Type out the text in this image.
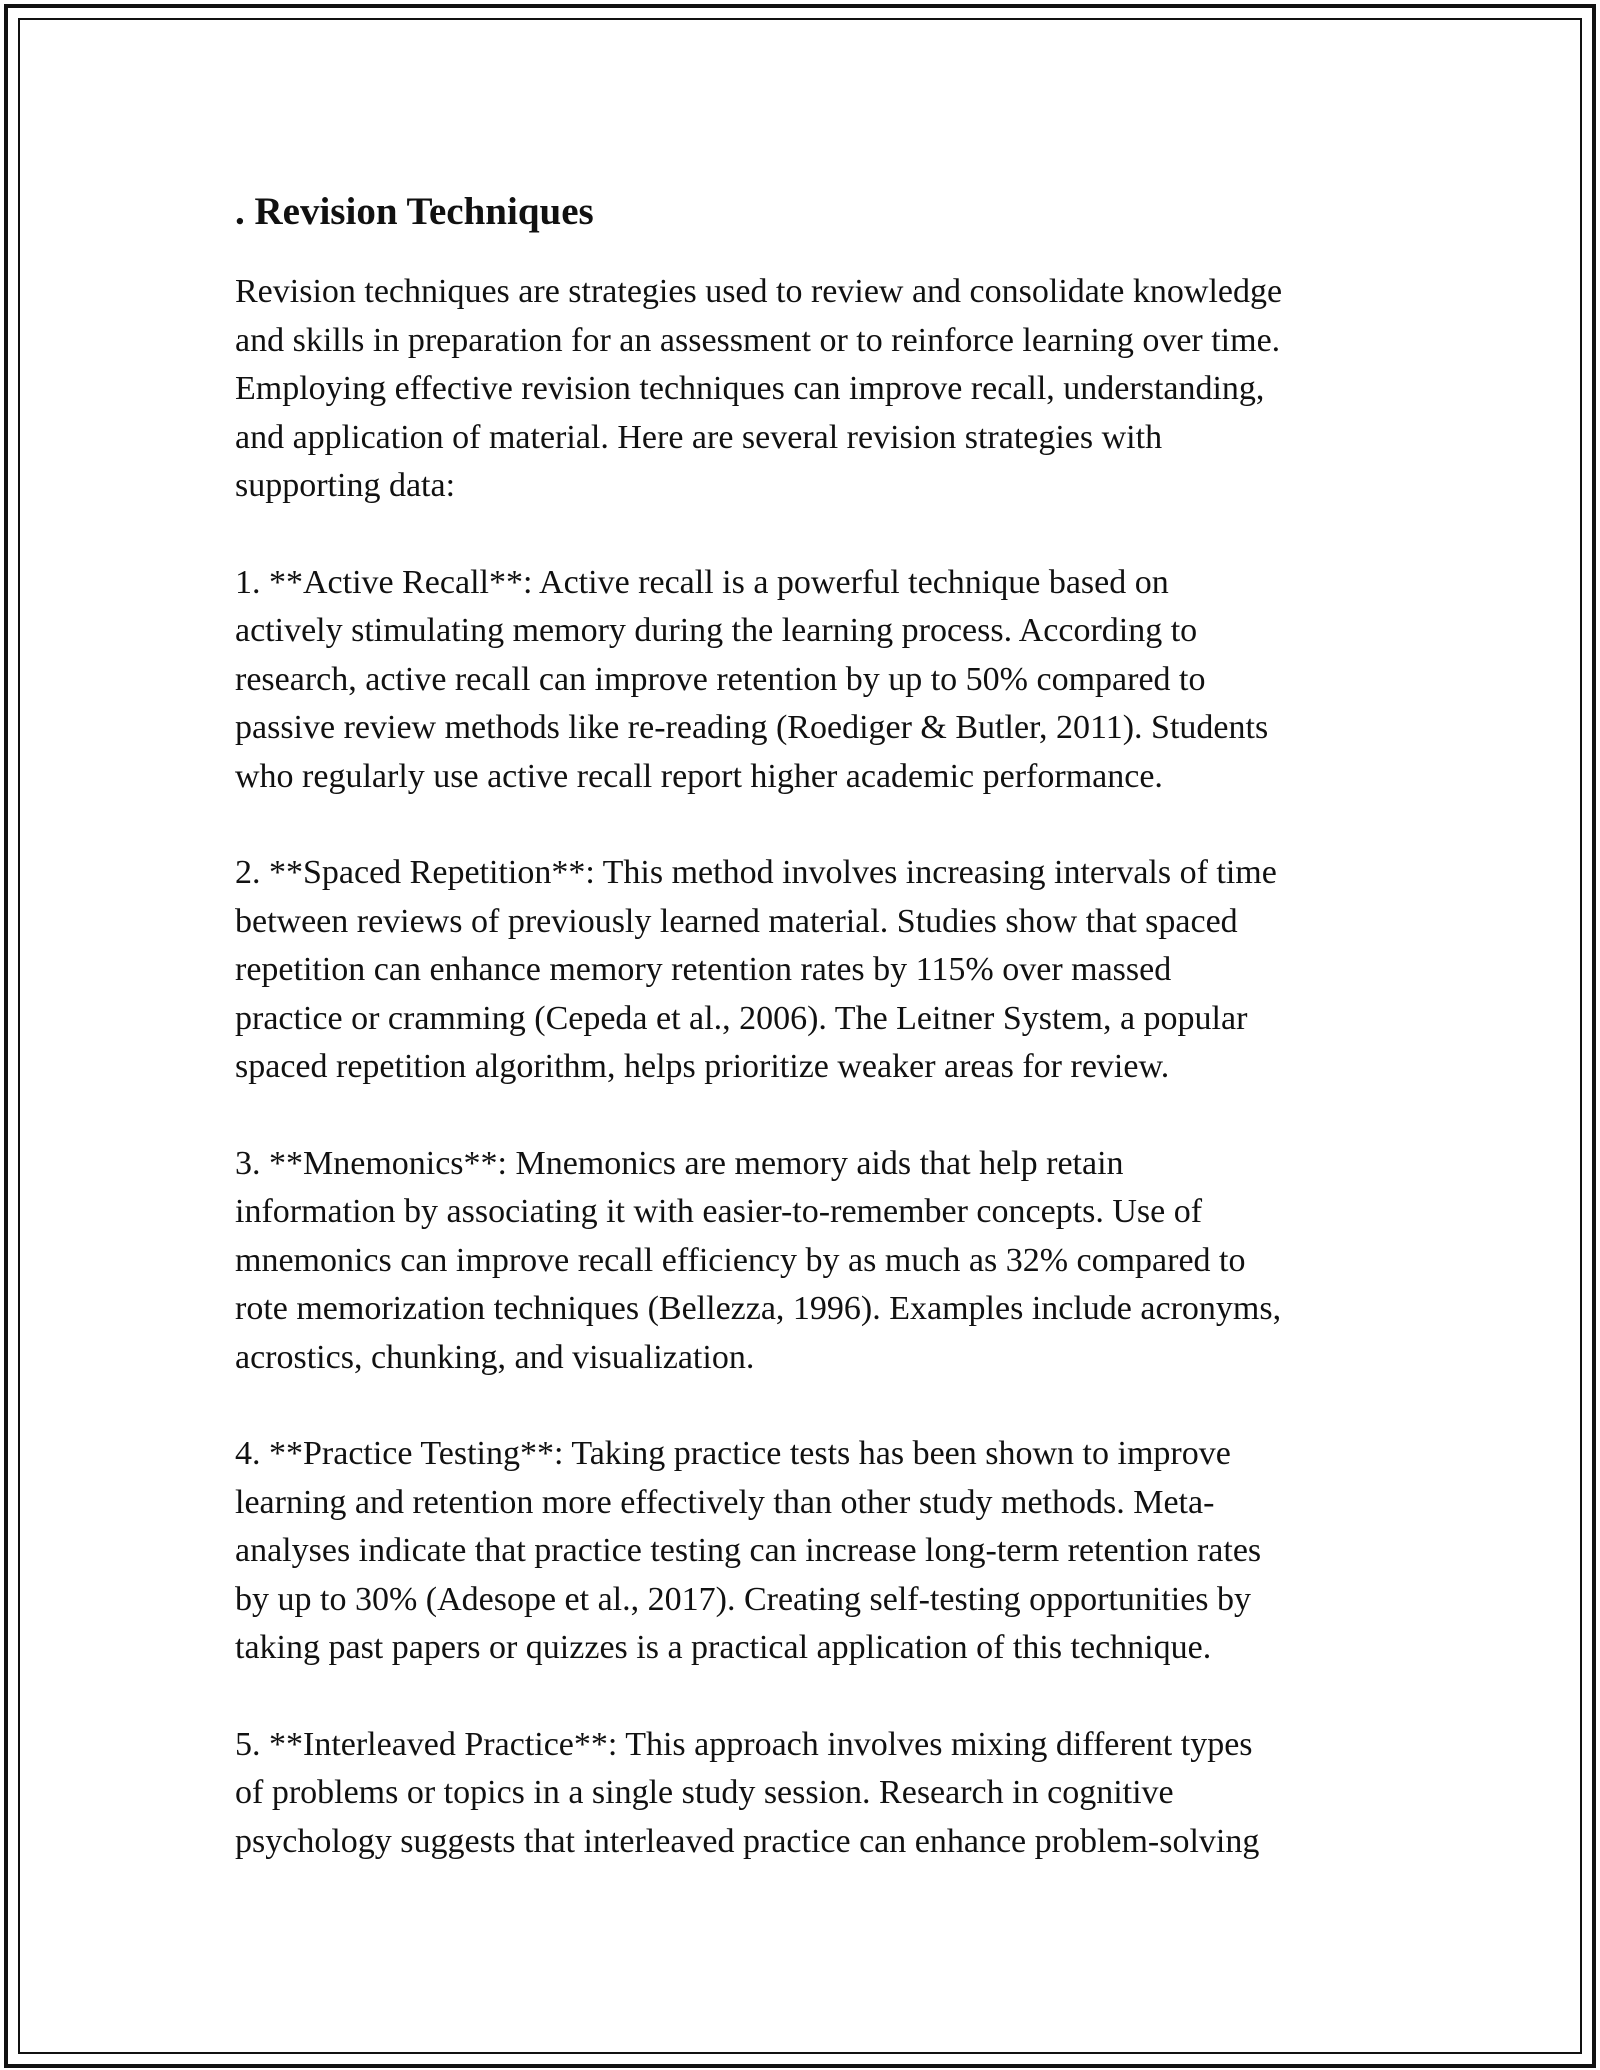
. Revision Techniques

Revision techniques are strategies used to review and consolidate knowledge
and skills in preparation for an assessment or to reinforce learning over time.
Employing effective revision techniques can improve recall, understanding,
and application of material. Here are several revision strategies with
supporting data:

1. **Active Recall**: Active recall is a powerful technique based on
actively stimulating memory during the learning process. According to
research, active recall can improve retention by up to 50% compared to
passive review methods like re-reading (Roediger & Butler, 2011). Students
who regularly use active recall report higher academic performance.

2. **Spaced Repetition**: This method involves increasing intervals of time
between reviews of previously learned material. Studies show that spaced
repetition can enhance memory retention rates by 115% over massed
practice or cramming (Cepeda et al., 2006). The Leitner System, a popular
spaced repetition algorithm, helps prioritize weaker areas for review.

3. **Mnemonics**: Mnemonics are memory aids that help retain
information by associating it with easier-to-remember concepts. Use of
mnemonics can improve recall efficiency by as much as 32% compared to
rote memorization techniques (Bellezza, 1996). Examples include acronyms,
acrostics, chunking, and visualization.

4. **Practice Testing**: Taking practice tests has been shown to improve
learning and retention more effectively than other study methods. Meta-
analyses indicate that practice testing can increase long-term retention rates
by up to 30% (Adesope et al., 2017). Creating self-testing opportunities by
taking past papers or quizzes is a practical application of this technique.

5. **Interleaved Practice**: This approach involves mixing different types
of problems or topics in a single study session. Research in cognitive
psychology suggests that interleaved practice can enhance problem-solving
